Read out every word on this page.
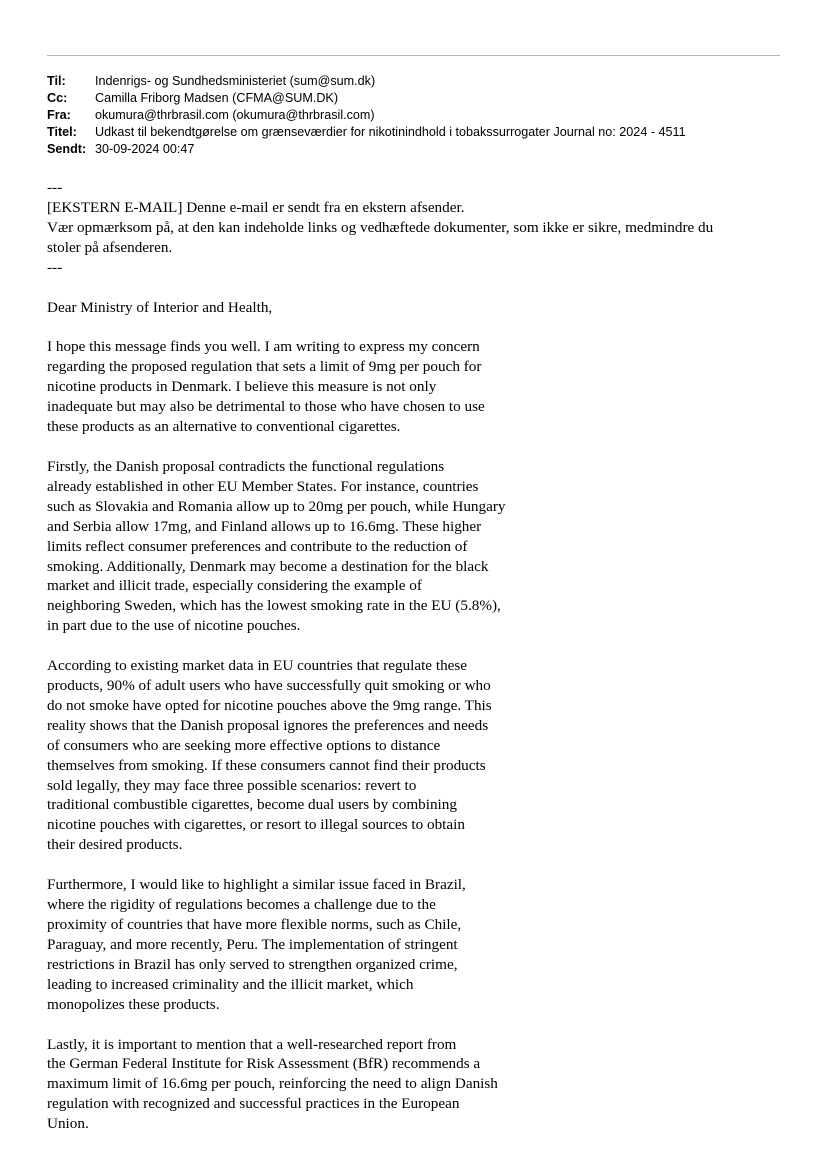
Til:	Indenrigs- og Sundhedsministeriet (sum@sum.dk)
Cc:	Camilla Friborg Madsen (CFMA@SUM.DK)
Fra:	okumura@thrbrasil.com (okumura@thrbrasil.com)
Titel:	Udkast til bekendtgørelse om grænseværdier for nikotinindhold i tobakssurrogater Journal no: 2024 - 4511
Sendt: 30-09-2024 00:47
---
[EKSTERN E-MAIL] Denne e-mail er sendt fra en ekstern afsender.
Vær opmærksom på, at den kan indeholde links og vedhæftede dokumenter, som ikke er sikre, medmindre du
stoler på afsenderen.
---
Dear Ministry of Interior and Health,
I hope this message finds you well. I am writing to express my concern
regarding the proposed regulation that sets a limit of 9mg per pouch for
nicotine products in Denmark. I believe this measure is not only
inadequate but may also be detrimental to those who have chosen to use
these products as an alternative to conventional cigarettes.
Firstly, the Danish proposal contradicts the functional regulations
already established in other EU Member States. For instance, countries
such as Slovakia and Romania allow up to 20mg per pouch, while Hungary
and Serbia allow 17mg, and Finland allows up to 16.6mg. These higher
limits reflect consumer preferences and contribute to the reduction of
smoking. Additionally, Denmark may become a destination for the black
market and illicit trade, especially considering the example of
neighboring Sweden, which has the lowest smoking rate in the EU (5.8%),
in part due to the use of nicotine pouches.
According to existing market data in EU countries that regulate these
products, 90% of adult users who have successfully quit smoking or who
do not smoke have opted for nicotine pouches above the 9mg range. This
reality shows that the Danish proposal ignores the preferences and needs
of consumers who are seeking more effective options to distance
themselves from smoking. If these consumers cannot find their products
sold legally, they may face three possible scenarios: revert to
traditional combustible cigarettes, become dual users by combining
nicotine pouches with cigarettes, or resort to illegal sources to obtain
their desired products.
Furthermore, I would like to highlight a similar issue faced in Brazil,
where the rigidity of regulations becomes a challenge due to the
proximity of countries that have more flexible norms, such as Chile,
Paraguay, and more recently, Peru. The implementation of stringent
restrictions in Brazil has only served to strengthen organized crime,
leading to increased criminality and the illicit market, which
monopolizes these products.
Lastly, it is important to mention that a well-researched report from
the German Federal Institute for Risk Assessment (BfR) recommends a
maximum limit of 16.6mg per pouch, reinforcing the need to align Danish
regulation with recognized and successful practices in the European
Union.
